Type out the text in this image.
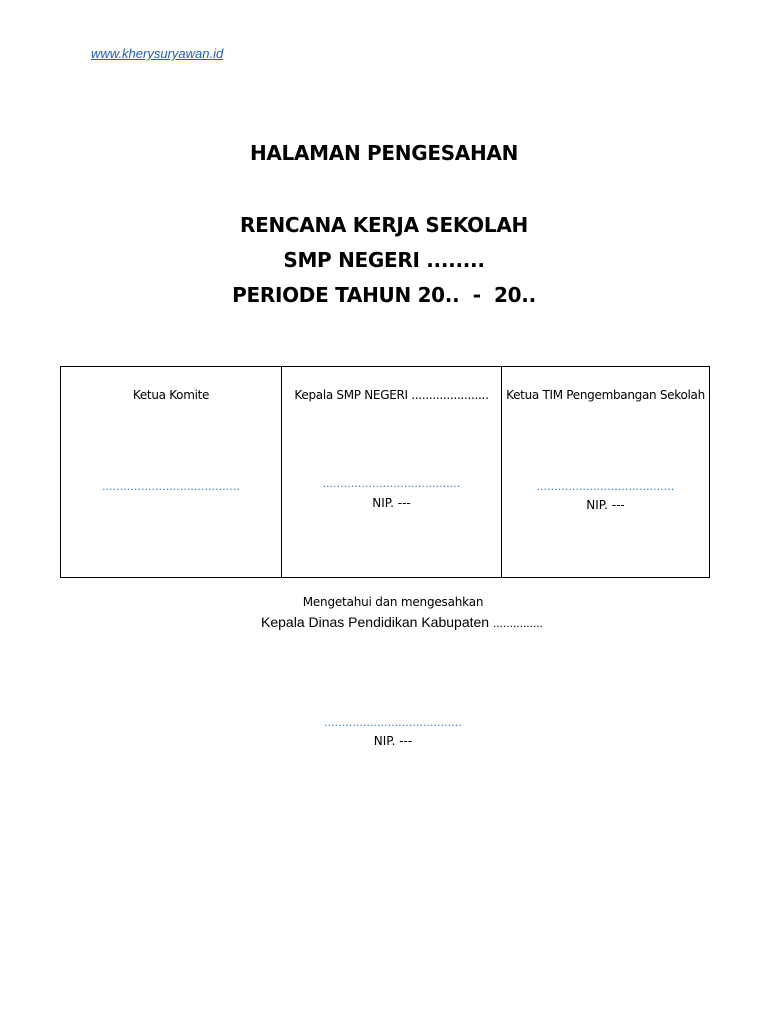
www.kherysuryawan.id
HALAMAN PENGESAHAN
RENCANA KERJA SEKOLAH
SMP NEGERI ........
PERIODE TAHUN 20..  -  20..
Ketua Komite
.......................................
Kepala SMP NEGERI ......................
.......................................
NIP. ---
Ketua TIM Pengembangan Sekolah
.......................................
NIP. ---
Mengetahui dan mengesahkan
Kepala Dinas Pendidikan Kabupaten ...............
.......................................
NIP. ---
